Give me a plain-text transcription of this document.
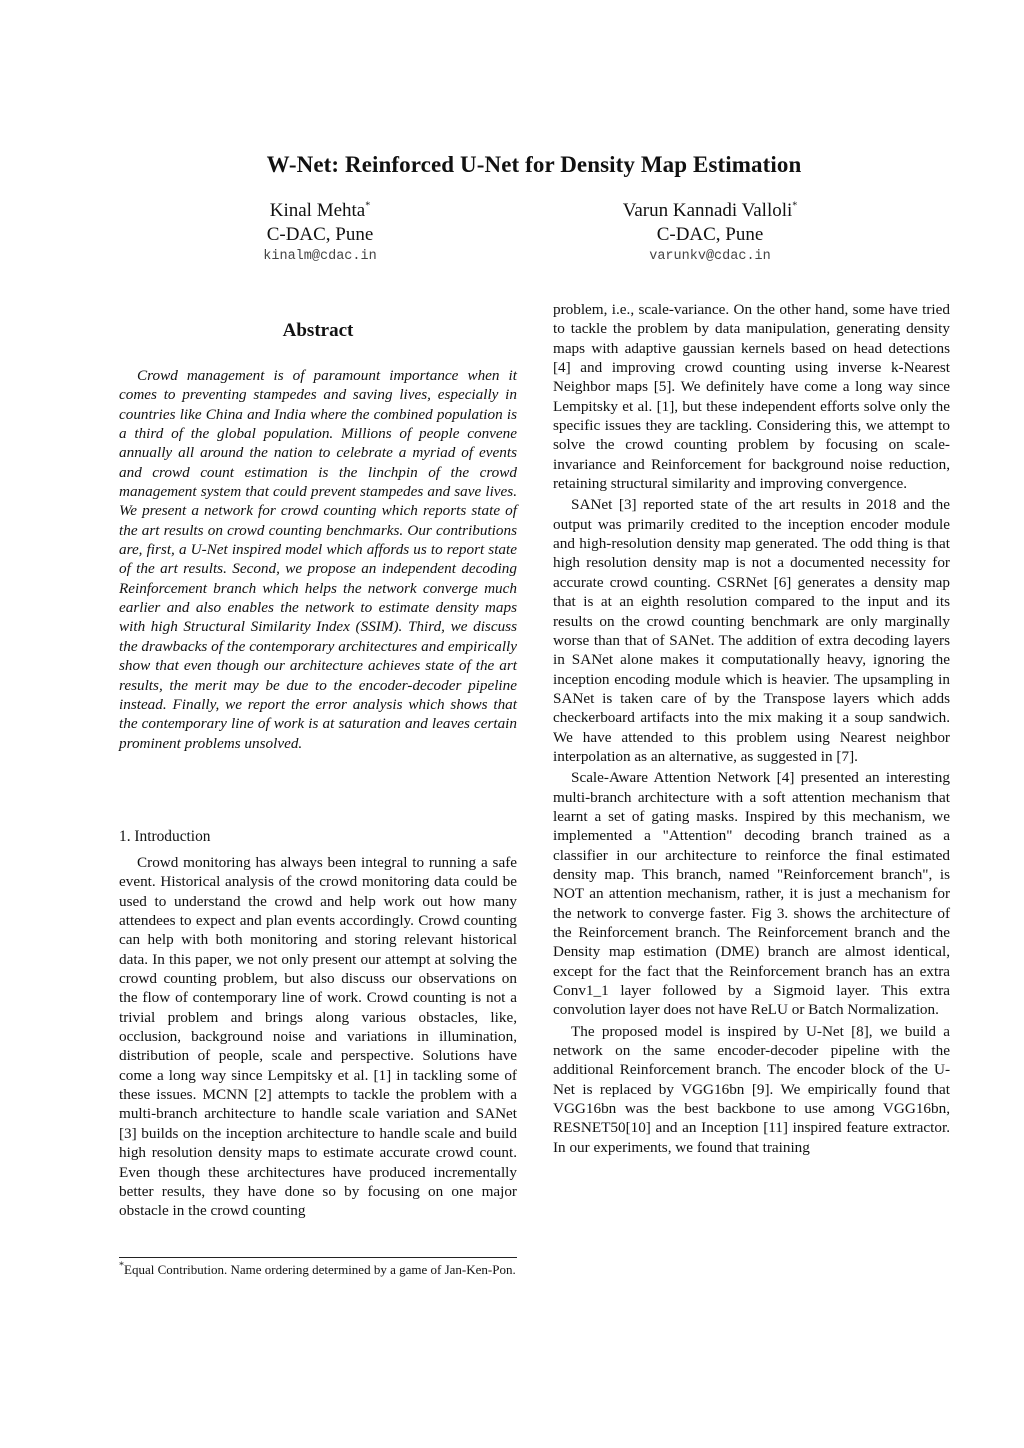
W-Net: Reinforced U-Net for Density Map Estimation
Kinal Mehta*
C-DAC, Pune
kinalm@cdac.in
Varun Kannadi Valloli*
C-DAC, Pune
varunkv@cdac.in
Abstract

Crowd management is of paramount importance when it comes to preventing stampedes and saving lives, especially in countries like China and India where the combined population is a third of the global population. Millions of people convene annually all around the nation to celebrate a myriad of events and crowd count estimation is the linchpin of the crowd management system that could prevent stampedes and save lives. We present a network for crowd counting which reports state of the art results on crowd counting benchmarks. Our contributions are, first, a U-Net inspired model which affords us to report state of the art results. Second, we propose an independent decoding Reinforcement branch which helps the network converge much earlier and also enables the network to estimate density maps with high Structural Similarity Index (SSIM). Third, we discuss the drawbacks of the contemporary architectures and empirically show that even though our architecture achieves state of the art results, the merit may be due to the encoder-decoder pipeline instead. Finally, we report the error analysis which shows that the contemporary line of work is at saturation and leaves certain prominent problems unsolved.

1. Introduction

Crowd monitoring has always been integral to running a safe event. Historical analysis of the crowd monitoring data could be used to understand the crowd and help work out how many attendees to expect and plan events accordingly. Crowd counting can help with both monitoring and storing relevant historical data. In this paper, we not only present our attempt at solving the crowd counting problem, but also discuss our observations on the flow of contemporary line of work. Crowd counting is not a trivial problem and brings along various obstacles, like, occlusion, background noise and variations in illumination, distribution of people, scale and perspective. Solutions have come a long way since Lempitsky et al. [1] in tackling some of these issues. MCNN [2] attempts to tackle the problem with a multi-branch architecture to handle scale variation and SANet [3] builds on the inception architecture to handle scale and build high resolution density maps to estimate accurate crowd count. Even though these architectures have produced incrementally better results, they have done so by focusing on one major obstacle in the crowd counting

problem, i.e., scale-variance. On the other hand, some have tried to tackle the problem by data manipulation, generating density maps with adaptive gaussian kernels based on head detections [4] and improving crowd counting using inverse k-Nearest Neighbor maps [5]. We definitely have come a long way since Lempitsky et al. [1], but these independent efforts solve only the specific issues they are tackling. Considering this, we attempt to solve the crowd counting problem by focusing on scale-invariance and Reinforcement for background noise reduction, retaining structural similarity and improving convergence.

SANet [3] reported state of the art results in 2018 and the output was primarily credited to the inception encoder module and high-resolution density map generated. The odd thing is that high resolution density map is not a documented necessity for accurate crowd counting. CSRNet [6] generates a density map that is at an eighth resolution compared to the input and its results on the crowd counting benchmark are only marginally worse than that of SANet. The addition of extra decoding layers in SANet alone makes it computationally heavy, ignoring the inception encoding module which is heavier. The upsampling in SANet is taken care of by the Transpose layers which adds checkerboard artifacts into the mix making it a soup sandwich. We have attended to this problem using Nearest neighbor interpolation as an alternative, as suggested in [7].

Scale-Aware Attention Network [4] presented an interesting multi-branch architecture with a soft attention mechanism that learnt a set of gating masks. Inspired by this mechanism, we implemented a "Attention" decoding branch trained as a classifier in our architecture to reinforce the final estimated density map. This branch, named "Reinforcement branch", is NOT an attention mechanism, rather, it is just a mechanism for the network to converge faster. Fig 3. shows the architecture of the Reinforcement branch. The Reinforcement branch and the Density map estimation (DME) branch are almost identical, except for the fact that the Reinforcement branch has an extra Conv1_1 layer followed by a Sigmoid layer. This extra convolution layer does not have ReLU or Batch Normalization.

The proposed model is inspired by U-Net [8], we build a network on the same encoder-decoder pipeline with the additional Reinforcement branch. The encoder block of the U-Net is replaced by VGG16bn [9]. We empirically found that VGG16bn was the best backbone to use among VGG16bn, RESNET50[10] and an Inception [11] inspired feature extractor. In our experiments, we found that training

*Equal Contribution. Name ordering determined by a game of Jan-Ken-Pon.
